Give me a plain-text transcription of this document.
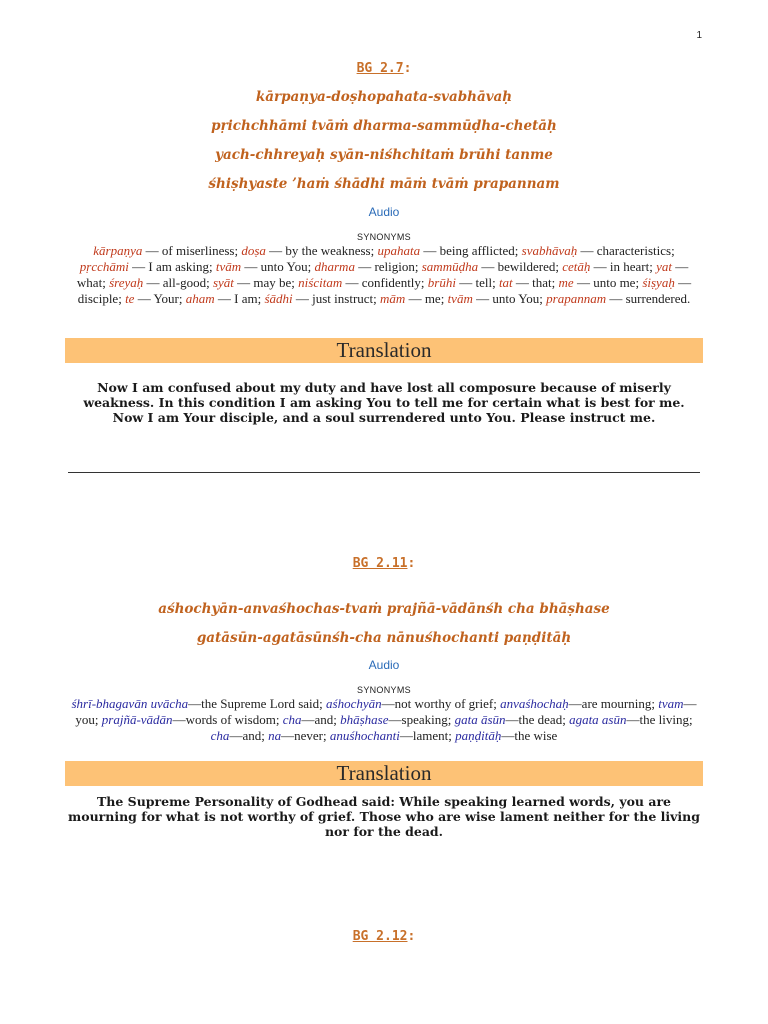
1
BG 2.7:
kārpaṇya-doṣhopahata-svabhāvaḥ
pṛichchhāmi tvāṁ dharma-sammūḍha-chetāḥ
yach-chhreyaḥ syān-niśhchitaṁ brūhi tanme
śhiṣhyaste ’haṁ śhādhi māṁ tvāṁ prapannam
Audio
SYNONYMS
kārpaṇya — of miserliness; doṣa — by the weakness; upahata — being afflicted; svabhāvaḥ — characteristics; pṛcchāmi — I am asking; tvām — unto You; dharma — religion; sammūḍha — bewildered; cetāḥ — in heart; yat — what; śreyaḥ — all-good; syāt — may be; niścitam — confidently; brūhi — tell; tat — that; me — unto me; śiṣyaḥ — disciple; te — Your; aham — I am; śādhi — just instruct; mām — me; tvām — unto You; prapannam — surrendered.
Translation
Now I am confused about my duty and have lost all composure because of miserly weakness. In this condition I am asking You to tell me for certain what is best for me. Now I am Your disciple, and a soul surrendered unto You. Please instruct me.
BG 2.11:
aśhochyān-anvaśhochas-tvaṁ prajñā-vādānśh cha bhāṣhase
gatāsūn-agatāsūnśh-cha nānuśhochanti paṇḍitāḥ
Audio
SYNONYMS
śhrī-bhagavān uvācha—the Supreme Lord said; aśhochyān—not worthy of grief; anvaśhochaḥ—are mourning; tvam—you; prajñā-vādān—words of wisdom; cha—and; bhāṣhase—speaking; gata āsūn—the dead; agata asūn—the living; cha—and; na—never; anuśhochanti—lament; paṇḍitāḥ—the wise
Translation
The Supreme Personality of Godhead said: While speaking learned words, you are mourning for what is not worthy of grief. Those who are wise lament neither for the living nor for the dead.
BG 2.12:
